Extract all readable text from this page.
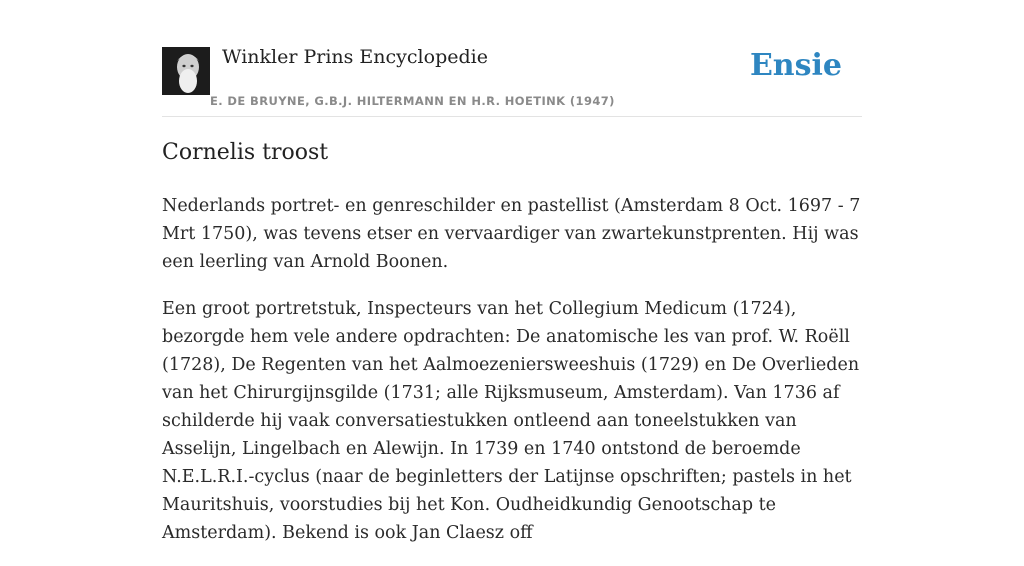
Winkler Prins Encyclopedie
E. DE BRUYNE, G.B.J. HILTERMANN EN H.R. HOETINK (1947)
Ensie
Cornelis troost

Nederlands portret- en genreschilder en pastellist (Amsterdam 8 Oct. 1697 - 7 Mrt 1750), was tevens etser en vervaardiger van zwartekunstprenten. Hij was een leerling van Arnold Boonen.

Een groot portretstuk, Inspecteurs van het Collegium Medicum (1724), bezorgde hem vele andere opdrachten: De anatomische les van prof. W. Roëll (1728), De Regenten van het Aalmoezeniersweeshuis (1729) en De Overlieden van het Chirurgijnsgilde (1731; alle Rijksmuseum, Amsterdam). Van 1736 af schilderde hij vaak conversatiestukken ontleend aan toneelstukken van Asselijn, Lingelbach en Alewijn. In 1739 en 1740 ontstond de beroemde N.E.L.R.I.-cyclus (naar de beginletters der Latijnse opschriften; pastels in het Mauritshuis, voorstudies bij het Kon. Oudheidkundig Genootschap te Amsterdam). Bekend is ook Jan Claesz off
